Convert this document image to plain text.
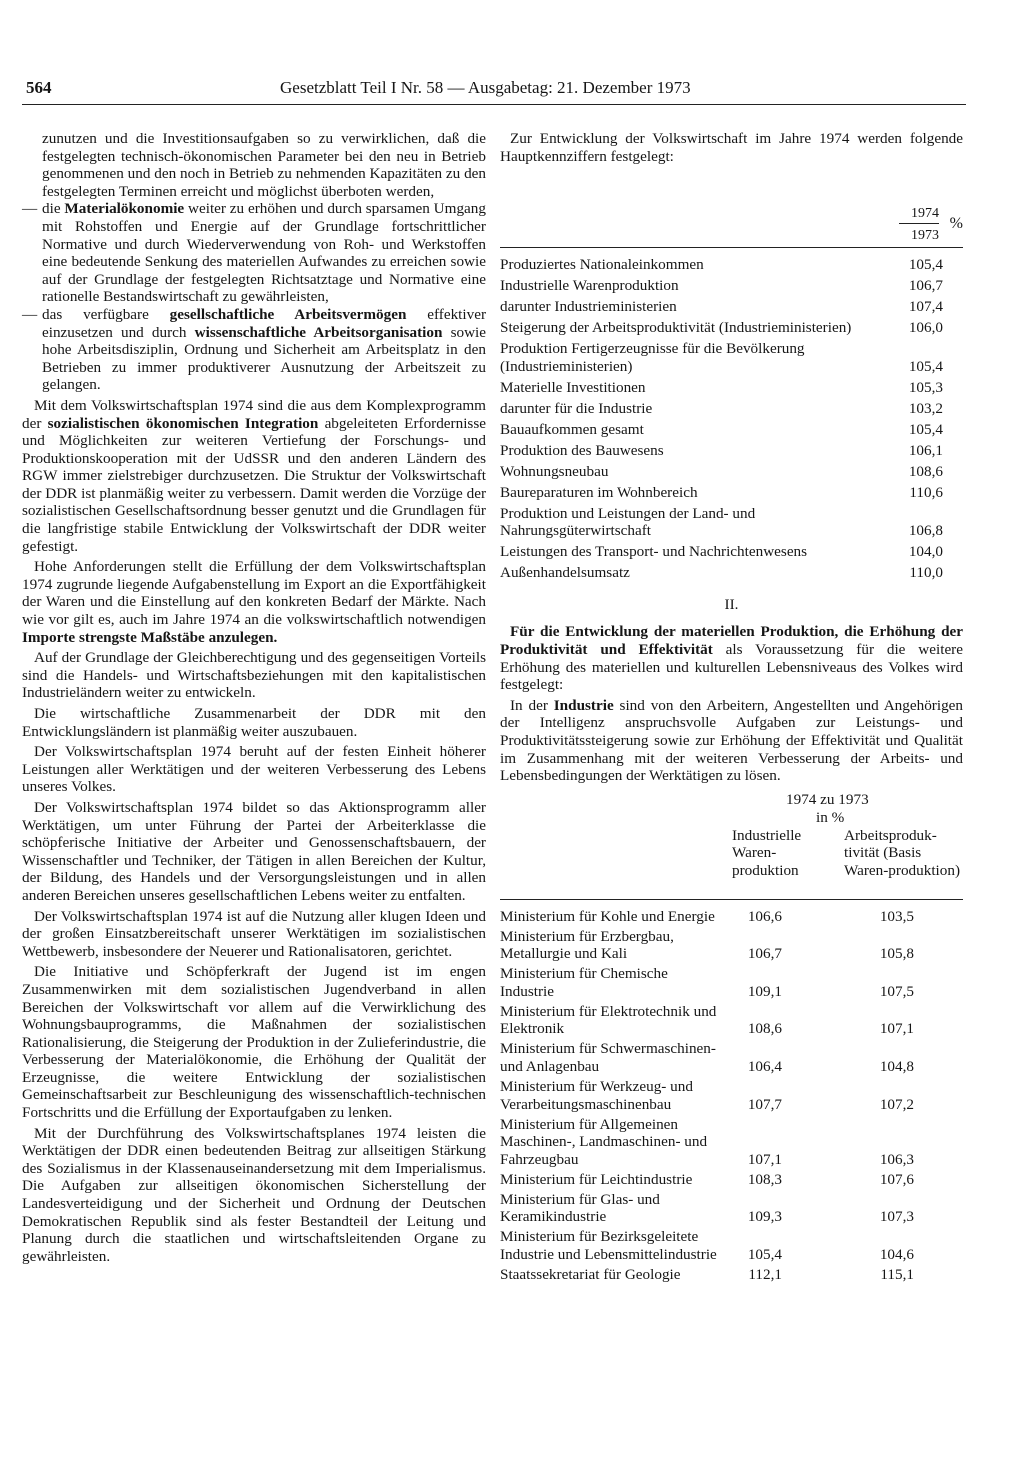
564	Gesetzblatt Teil I Nr. 58 — Ausgabetag: 21. Dezember 1973

zunutzen und die Investitionsaufgaben so zu verwirklichen, daß die festgelegten technisch-ökonomischen Parameter bei den neu in Betrieb genommenen und den noch in Betrieb zu nehmenden Kapazitäten zu den festgelegten Terminen erreicht und möglichst überboten werden,

— die Materialökonomie weiter zu erhöhen und durch sparsamen Umgang mit Rohstoffen und Energie auf der Grundlage fortschrittlicher Normative und durch Wiederverwendung von Roh- und Werkstoffen eine bedeutende Senkung des materiellen Aufwandes zu erreichen sowie auf der Grundlage der festgelegten Richtsatztage und Normative eine rationelle Bestandswirtschaft zu gewährleisten,

— das verfügbare gesellschaftliche Arbeitsvermögen effektiver einzusetzen und durch wissenschaftliche Arbeitsorganisation sowie hohe Arbeitsdisziplin, Ordnung und Sicherheit am Arbeitsplatz in den Betrieben zu immer produktiverer Ausnutzung der Arbeitszeit zu gelangen.

Mit dem Volkswirtschaftsplan 1974 sind die aus dem Komplexprogramm der sozialistischen ökonomischen Integration abgeleiteten Erfordernisse und Möglichkeiten zur weiteren Vertiefung der Forschungs- und Produktionskooperation mit der UdSSR und den anderen Ländern des RGW immer zielstrebiger durchzusetzen. Die Struktur der Volkswirtschaft der DDR ist planmäßig weiter zu verbessern. Damit werden die Vorzüge der sozialistischen Gesellschaftsordnung besser genutzt und die Grundlagen für die langfristige stabile Entwicklung der Volkswirtschaft der DDR weiter gefestigt.

Hohe Anforderungen stellt die Erfüllung der dem Volkswirtschaftsplan 1974 zugrunde liegende Aufgabenstellung im Export an die Exportfähigkeit der Waren und die Einstellung auf den konkreten Bedarf der Märkte. Nach wie vor gilt es, auch im Jahre 1974 an die volkswirtschaftlich notwendigen Importe strengste Maßstäbe anzulegen.

Auf der Grundlage der Gleichberechtigung und des gegenseitigen Vorteils sind die Handels- und Wirtschaftsbeziehungen mit den kapitalistischen Industrieländern weiter zu entwickeln.

Die wirtschaftliche Zusammenarbeit der DDR mit den Entwicklungsländern ist planmäßig weiter auszubauen.

Der Volkswirtschaftsplan 1974 beruht auf der festen Einheit höherer Leistungen aller Werktätigen und der weiteren Verbesserung des Lebens unseres Volkes.

Der Volkswirtschaftsplan 1974 bildet so das Aktionsprogramm aller Werktätigen, um unter Führung der Partei der Arbeiterklasse die schöpferische Initiative der Arbeiter und Genossenschaftsbauern, der Wissenschaftler und Techniker, der Tätigen in allen Bereichen der Kultur, der Bildung, des Handels und der Versorgungsleistungen und in allen anderen Bereichen unseres gesellschaftlichen Lebens weiter zu entfalten.

Der Volkswirtschaftsplan 1974 ist auf die Nutzung aller klugen Ideen und der großen Einsatzbereitschaft unserer Werktätigen im sozialistischen Wettbewerb, insbesondere der Neuerer und Rationalisatoren, gerichtet.

Die Initiative und Schöpferkraft der Jugend ist im engen Zusammenwirken mit dem sozialistischen Jugendverband in allen Bereichen der Volkswirtschaft vor allem auf die Verwirklichung des Wohnungsbauprogramms, die Maßnahmen der sozialistischen Rationalisierung, die Steigerung der Produktion in der Zulieferindustrie, die Verbesserung der Materialökonomie, die Erhöhung der Qualität der Erzeugnisse, die weitere Entwicklung der sozialistischen Gemeinschaftsarbeit zur Beschleunigung des wissenschaftlich-technischen Fortschritts und die Erfüllung der Exportaufgaben zu lenken.

Mit der Durchführung des Volkswirtschaftsplanes 1974 leisten die Werktätigen der DDR einen bedeutenden Beitrag zur allseitigen Stärkung des Sozialismus in der Klassenauseinandersetzung mit dem Imperialismus. Die Aufgaben zur allseitigen ökonomischen Sicherstellung der Landesverteidigung und der Sicherheit und Ordnung der Deutschen Demokratischen Republik sind als fester Bestandteil der Leitung und Planung durch die staatlichen und wirtschaftsleitenden Organe zu gewährleisten.

Zur Entwicklung der Volkswirtschaft im Jahre 1974 werden folgende Hauptkennziffern festgelegt:

1974
1973
%
Produziertes Nationaleinkommen	105,4
Industrielle Warenproduktion	106,7
darunter Industrieministerien	107,4
Steigerung der Arbeitsproduktivität (Industrieministerien)	106,0
Produktion Fertigerzeugnisse für die Bevölkerung (Industrieministerien)	105,4
Materielle Investitionen	105,3
darunter für die Industrie	103,2
Bauaufkommen gesamt	105,4
Produktion des Bauwesens	106,1
Wohnungsneubau	108,6
Baureparaturen im Wohnbereich	110,6
Produktion und Leistungen der Land- und Nahrungsgüterwirtschaft	106,8
Leistungen des Transport- und Nachrichtenwesens	104,0
Außenhandelsumsatz	110,0
II.

Für die Entwicklung der materiellen Produktion, die Erhöhung der Produktivität und Effektivität als Voraussetzung für die weitere Erhöhung des materiellen und kulturellen Lebensniveaus des Volkes wird festgelegt:

In der Industrie sind von den Arbeitern, Angestellten und Angehörigen der Intelligenz anspruchsvolle Aufgaben zur Leistungs- und Produktivitätssteigerung sowie zur Erhöhung der Effektivität und Qualität im Zusammenhang mit der weiteren Verbesserung der Arbeits- und Lebensbedingungen der Werktätigen zu lösen.

1974 zu 1973
in %
Industrielle Waren-produktion
Arbeitsproduk-tivität (Basis Waren-produktion)
Ministerium für Kohle und Energie	106,6	103,5
Ministerium für Erzbergbau, Metallurgie und Kali	106,7	105,8
Ministerium für Chemische Industrie	109,1	107,5
Ministerium für Elektrotechnik und Elektronik	108,6	107,1
Ministerium für Schwermaschinen- und Anlagenbau	106,4	104,8
Ministerium für Werkzeug- und Verarbeitungsmaschinenbau	107,7	107,2
Ministerium für Allgemeinen Maschinen-, Landmaschinen- und Fahrzeugbau	107,1	106,3
Ministerium für Leichtindustrie	108,3	107,6
Ministerium für Glas- und Keramikindustrie	109,3	107,3
Ministerium für Bezirksgeleitete Industrie und Lebensmittelindustrie	105,4	104,6
Staatssekretariat für Geologie	112,1	115,1
